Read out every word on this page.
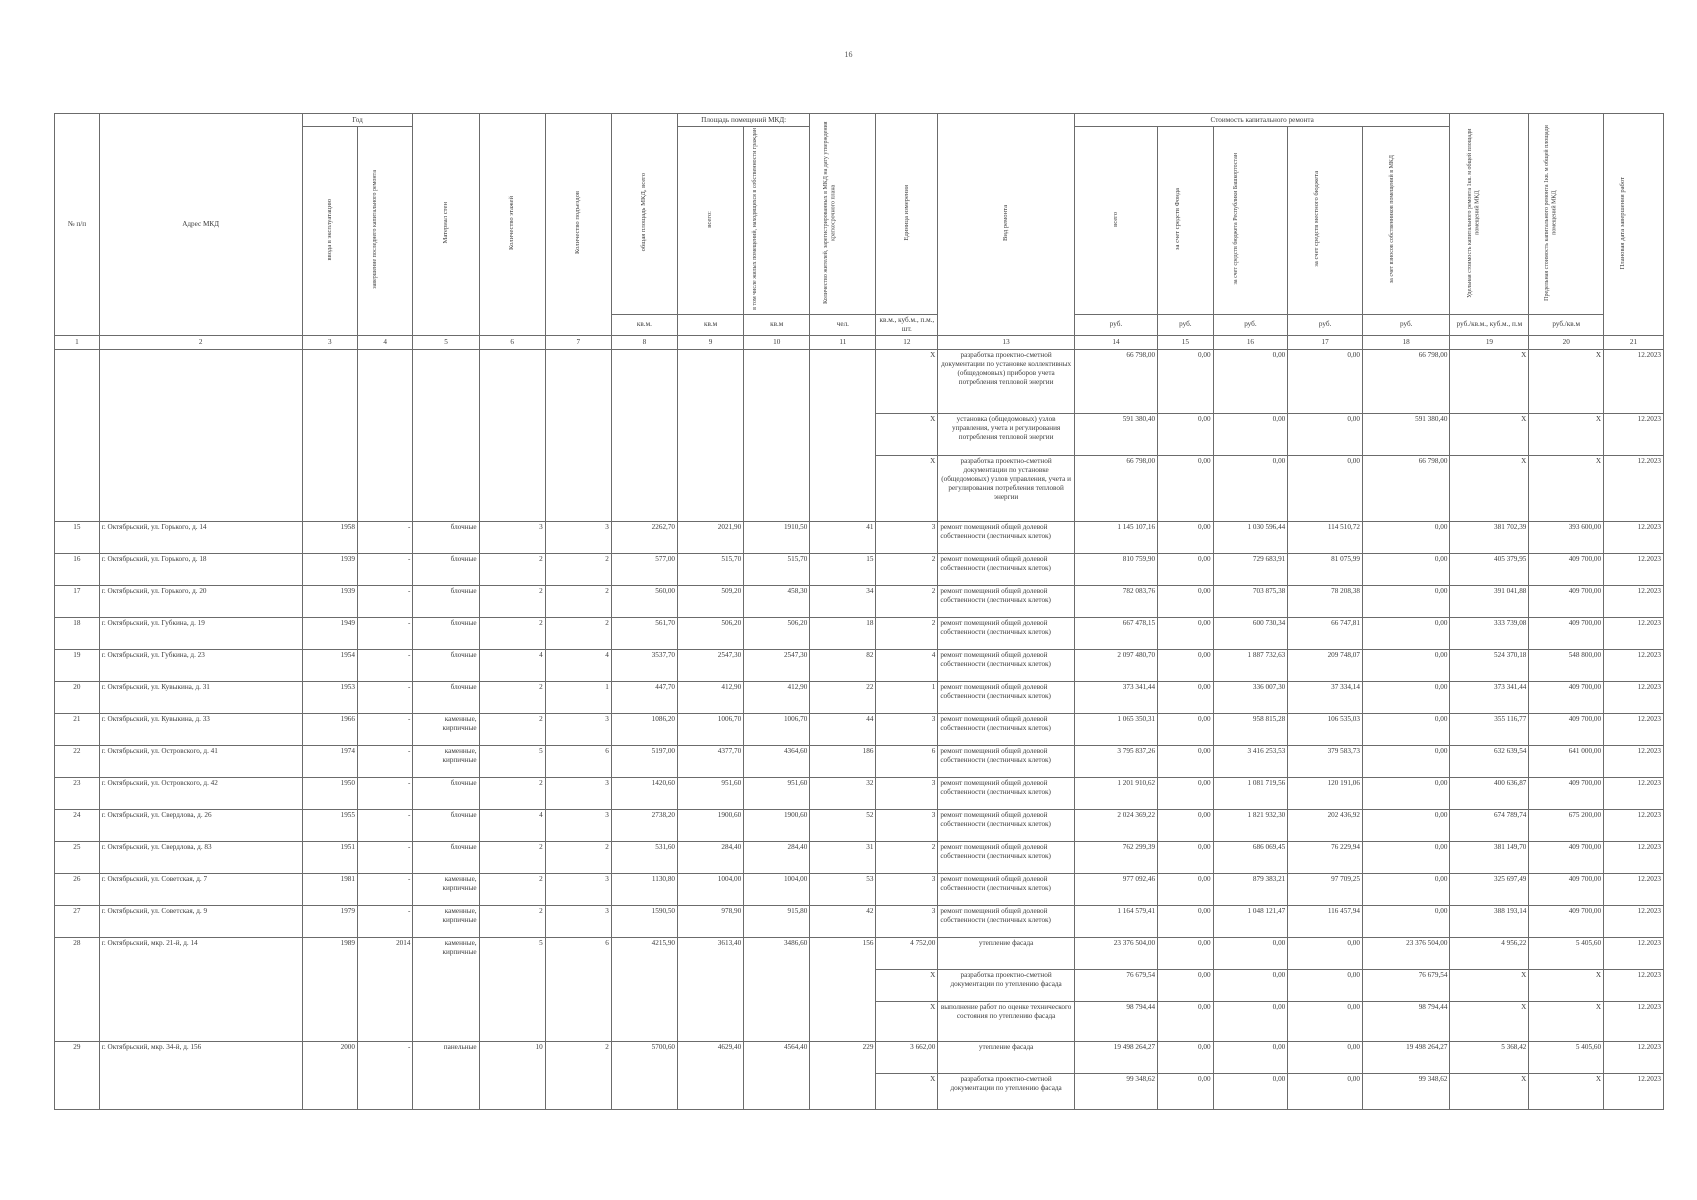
16
№ п/п	Адрес МКД	Год		Материал стен	Количество этажей	Количество подъездов	общая площадь МКД, всего	Площадь помещений МКД:		Количество жителей, зарегистрированных в МКД на дату утверждения краткосрочного плана	Единица измерения	Вид ремонта	Стоимость капитального ремонта					Удельная стоимость капитального ремонта 1кв. м общей площади помещений МКД	Предельная стоимость капитального ремонта 1кв. м общей площади помещений МКД	Плановая дата завершения работ
		ввода в эксплуатацию	завершение последнего капитального ремонта					всего:	в том числе жилых помещений, находящихся в собственности граждан				всего	за счет средств Фонда	за счет средств бюджета Республики Башкортостан	за счет средств местного бюджета	за счет взносов собственников помещений в МКД			
							кв.м.	кв.м	кв.м	чел.	кв.м., куб.м., п.м., шт.		руб.	руб.	руб.	руб.	руб.	руб./кв.м., куб.м., п.м	руб./кв.м	
1	2	3	4	5	6	7	8	9	10	11	12	13	14	15	16	17	18	19	20	21
											X	разработка проектно-сметной документации по установке коллективных (общедомовых) приборов учета потребления тепловой энергии	66 798,00	0,00	0,00	0,00	66 798,00	X	X	12.2023
											X	установка (общедомовых) узлов управления, учета и регулирования потребления тепловой энергии	591 380,40	0,00	0,00	0,00	591 380,40	X	X	12.2023
											X	разработка проектно-сметной документации по установке (общедомовых) узлов управления, учета и регулирования потребления тепловой энергии	66 798,00	0,00	0,00	0,00	66 798,00	X	X	12.2023
15	г. Октябрьский, ул. Горького, д. 14	1958	-	блочные	3	3	2262,70	2021,90	1910,50	41	3	ремонт помещений общей долевой собственности (лестничных клеток)	1 145 107,16	0,00	1 030 596,44	114 510,72	0,00	381 702,39	393 600,00	12.2023
16	г. Октябрьский, ул. Горького, д. 18	1939	-	блочные	2	2	577,00	515,70	515,70	15	2	ремонт помещений общей долевой собственности (лестничных клеток)	810 759,90	0,00	729 683,91	81 075,99	0,00	405 379,95	409 700,00	12.2023
17	г. Октябрьский, ул. Горького, д. 20	1939	-	блочные	2	2	560,00	509,20	458,30	34	2	ремонт помещений общей долевой собственности (лестничных клеток)	782 083,76	0,00	703 875,38	78 208,38	0,00	391 041,88	409 700,00	12.2023
18	г. Октябрьский, ул. Губкина, д. 19	1949	-	блочные	2	2	561,70	506,20	506,20	18	2	ремонт помещений общей долевой собственности (лестничных клеток)	667 478,15	0,00	600 730,34	66 747,81	0,00	333 739,08	409 700,00	12.2023
19	г. Октябрьский, ул. Губкина, д. 23	1954	-	блочные	4	4	3537,70	2547,30	2547,30	82	4	ремонт помещений общей долевой собственности (лестничных клеток)	2 097 480,70	0,00	1 887 732,63	209 748,07	0,00	524 370,18	548 800,00	12.2023
20	г. Октябрьский, ул. Кувыкина, д. 31	1953	-	блочные	2	1	447,70	412,90	412,90	22	1	ремонт помещений общей долевой собственности (лестничных клеток)	373 341,44	0,00	336 007,30	37 334,14	0,00	373 341,44	409 700,00	12.2023
21	г. Октябрьский, ул. Кувыкина, д. 33	1966	-	каменные, кирпичные	2	3	1086,20	1006,70	1006,70	44	3	ремонт помещений общей долевой собственности (лестничных клеток)	1 065 350,31	0,00	958 815,28	106 535,03	0,00	355 116,77	409 700,00	12.2023
22	г. Октябрьский, ул. Островского, д. 41	1974	-	каменные, кирпичные	5	6	5197,00	4377,70	4364,60	186	6	ремонт помещений общей долевой собственности (лестничных клеток)	3 795 837,26	0,00	3 416 253,53	379 583,73	0,00	632 639,54	641 000,00	12.2023
23	г. Октябрьский, ул. Островского, д. 42	1950	-	блочные	2	3	1420,60	951,60	951,60	32	3	ремонт помещений общей долевой собственности (лестничных клеток)	1 201 910,62	0,00	1 081 719,56	120 191,06	0,00	400 636,87	409 700,00	12.2023
24	г. Октябрьский, ул. Свердлова, д. 26	1955	-	блочные	4	3	2738,20	1900,60	1900,60	52	3	ремонт помещений общей долевой собственности (лестничных клеток)	2 024 369,22	0,00	1 821 932,30	202 436,92	0,00	674 789,74	675 200,00	12.2023
25	г. Октябрьский, ул. Свердлова, д. 83	1951	-	блочные	2	2	531,60	284,40	284,40	31	2	ремонт помещений общей долевой собственности (лестничных клеток)	762 299,39	0,00	686 069,45	76 229,94	0,00	381 149,70	409 700,00	12.2023
26	г. Октябрьский, ул. Советская, д. 7	1981	-	каменные, кирпичные	2	3	1130,80	1004,00	1004,00	53	3	ремонт помещений общей долевой собственности (лестничных клеток)	977 092,46	0,00	879 383,21	97 709,25	0,00	325 697,49	409 700,00	12.2023
27	г. Октябрьский, ул. Советская, д. 9	1979	-	каменные, кирпичные	2	3	1590,50	978,90	915,80	42	3	ремонт помещений общей долевой собственности (лестничных клеток)	1 164 579,41	0,00	1 048 121,47	116 457,94	0,00	388 193,14	409 700,00	12.2023
28	г. Октябрьский, мкр. 21-й, д. 14	1989	2014	каменные, кирпичные	5	6	4215,90	3613,40	3486,60	156	4 752,00	утепление фасада	23 376 504,00	0,00	0,00	0,00	23 376 504,00	4 956,22	5 405,60	12.2023
											X	разработка проектно-сметной документации по утеплению фасада	76 679,54	0,00	0,00	0,00	76 679,54	X	X	12.2023
											X	выполнение работ по оценке технического состояния по утеплению фасада	98 794,44	0,00	0,00	0,00	98 794,44	X	X	12.2023
29	г. Октябрьский, мкр. 34-й, д. 156	2000	-	панельные	10	2	5700,60	4629,40	4564,40	229	3 662,00	утепление фасада	19 498 264,27	0,00	0,00	0,00	19 498 264,27	5 368,42	5 405,60	12.2023
											X	разработка проектно-сметной документации по утеплению фасада	99 348,62	0,00	0,00	0,00	99 348,62	X	X	12.2023
